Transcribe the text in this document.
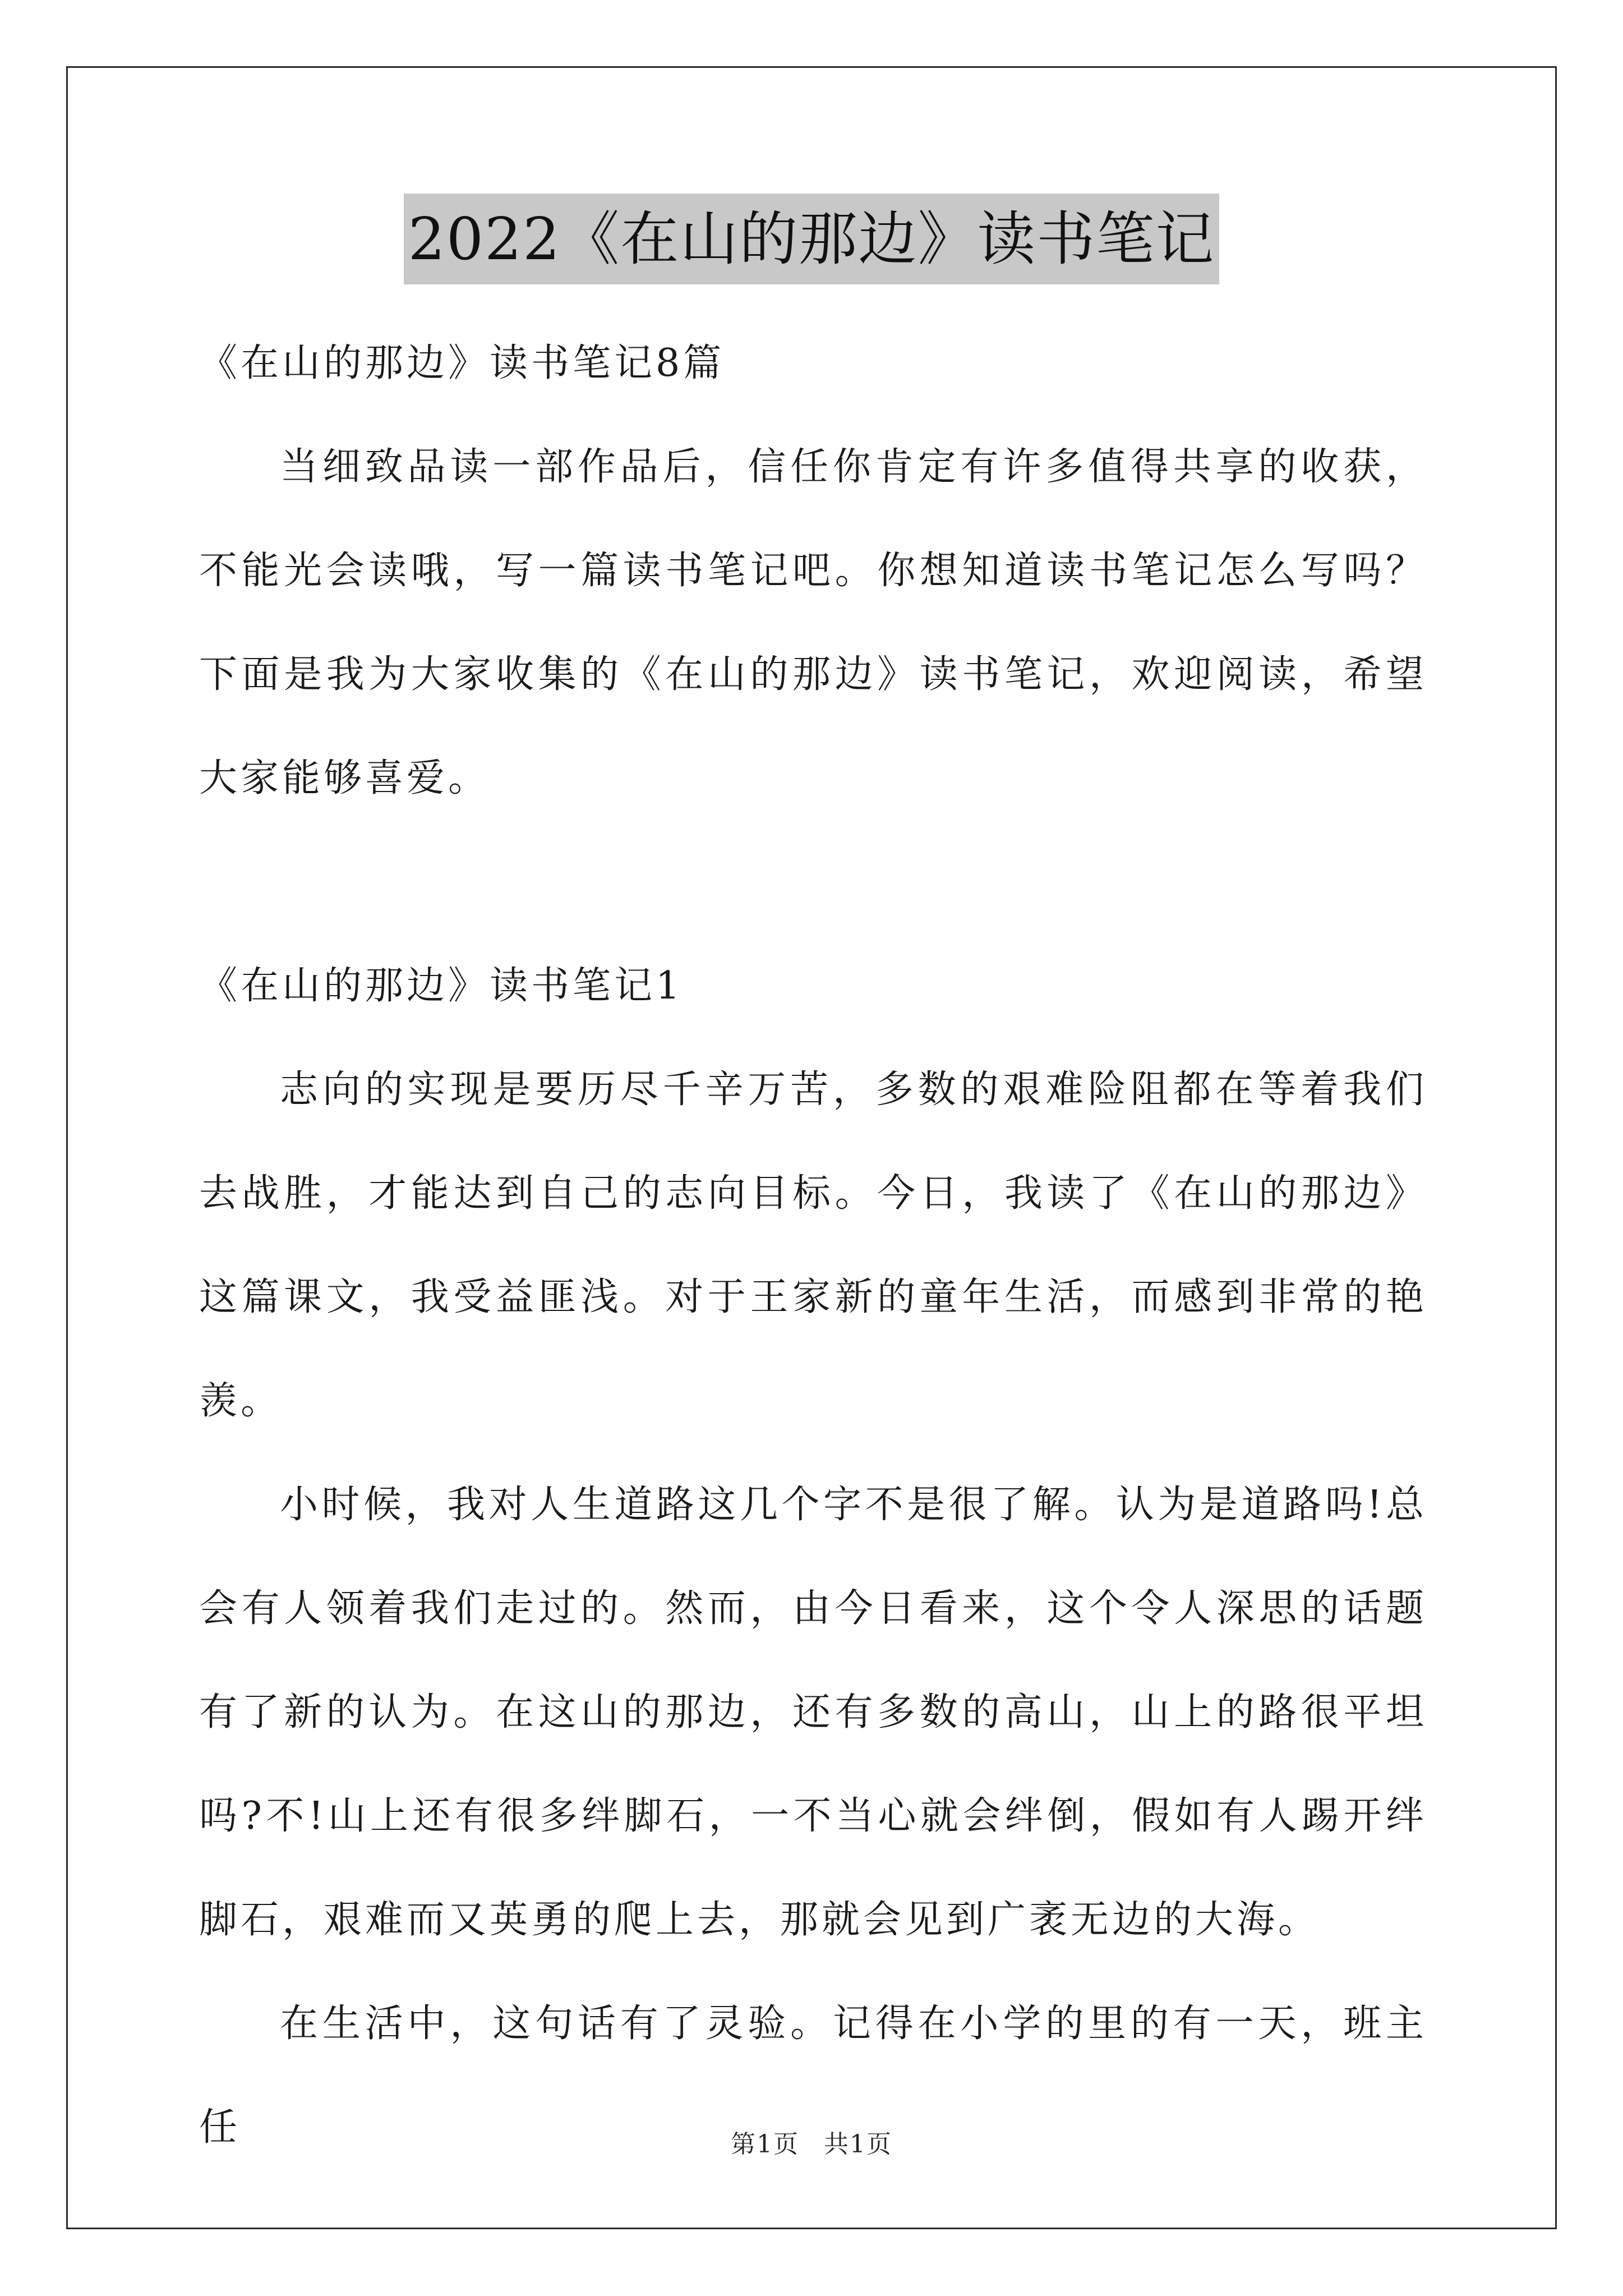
2022《在山的那边》读书笔记

《在山的那边》读书笔记8篇

当细致品读一部作品后，信任你肯定有许多值得共享的收获，不能光会读哦，写一篇读书笔记吧。你想知道读书笔记怎么写吗？下面是我为大家收集的《在山的那边》读书笔记，欢迎阅读，希望大家能够喜爱。

《在山的那边》读书笔记1

志向的实现是要历尽千辛万苦，多数的艰难险阻都在等着我们去战胜，才能达到自己的志向目标。今日，我读了《在山的那边》这篇课文，我受益匪浅。对于王家新的童年生活，而感到非常的艳羡。

小时候，我对人生道路这几个字不是很了解。认为是道路吗!总会有人领着我们走过的。然而，由今日看来，这个令人深思的话题有了新的认为。在这山的那边，还有多数的高山，山上的路很平坦吗?不!山上还有很多绊脚石，一不当心就会绊倒，假如有人踢开绊脚石，艰难而又英勇的爬上去，那就会见到广袤无边的大海。

在生活中，这句话有了灵验。记得在小学的里的有一天，班主任	第1页 共1页
